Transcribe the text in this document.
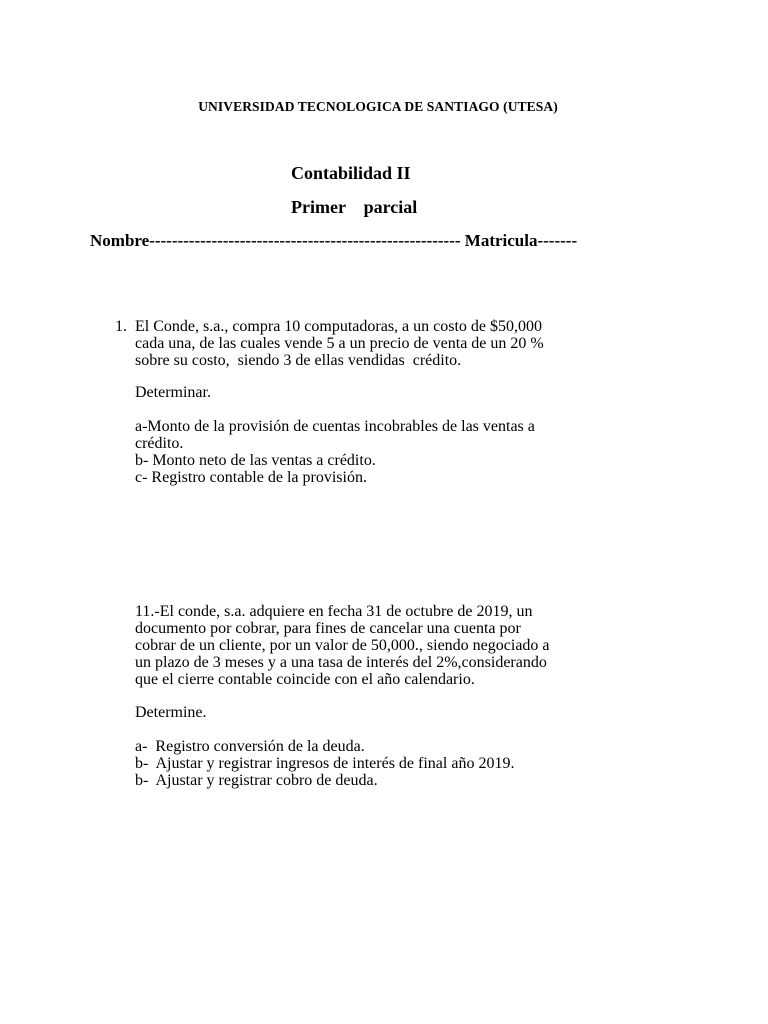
UNIVERSIDAD TECNOLOGICA DE SANTIAGO (UTESA)
Contabilidad II
Primer    parcial
Nombre------------------------------------------------------- Matricula-------
1. El Conde, s.a., compra 10 computadoras, a un costo de $50,000
cada una, de las cuales vende 5 a un precio de venta de un 20 %
sobre su costo,  siendo 3 de ellas vendidas  crédito.
Determinar.
a-Monto de la provisión de cuentas incobrables de las ventas a
crédito.
b- Monto neto de las ventas a crédito.
c- Registro contable de la provisión.
11.-El conde, s.a. adquiere en fecha 31 de octubre de 2019, un
documento por cobrar, para fines de cancelar una cuenta por
cobrar de un cliente, por un valor de 50,000., siendo negociado a
un plazo de 3 meses y a una tasa de interés del 2%,considerando
que el cierre contable coincide con el año calendario.
Determine.
a-  Registro conversión de la deuda.
b-  Ajustar y registrar ingresos de interés de final año 2019.
b-  Ajustar y registrar cobro de deuda.
